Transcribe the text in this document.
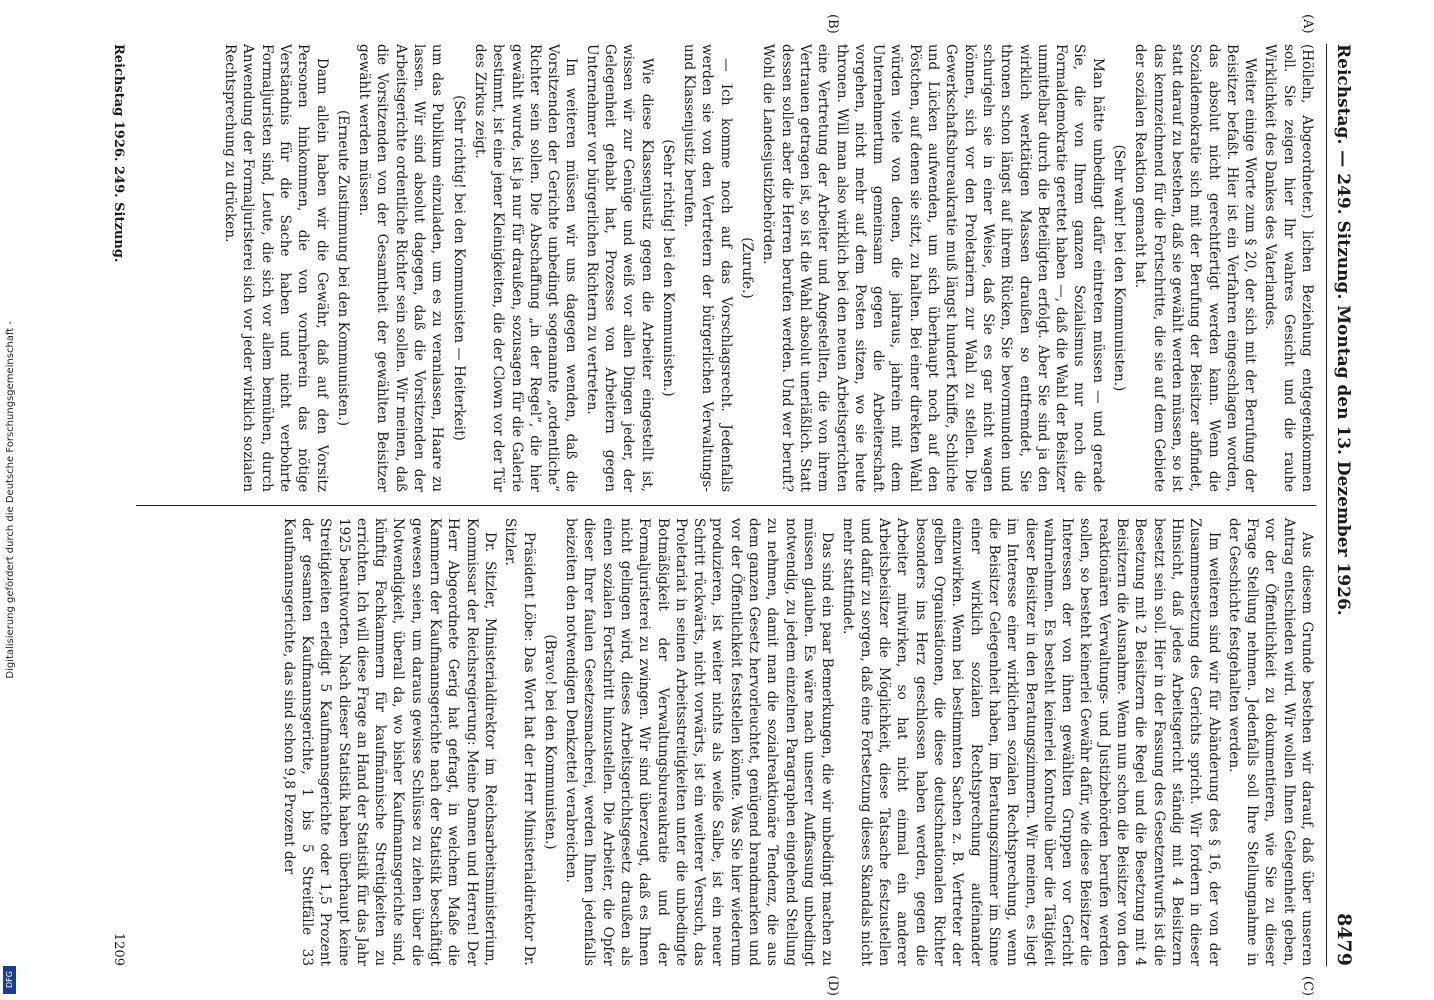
Digitalisierung gefördert durch die Deutsche Forschungsgemeinschaft -
DFG
Reichstag. — 249. Sitzung. Montag den 13. Dezember 1926.
8479
(A)
(B)

(Hölleln, Abgeordneter.) lichen Beziehung entgegenkommen soll. Sie zeigen hier Ihr wahres Gesicht und die rauhe Wirklichkeit des Dankes des Vaterlandes.

Weiter einige Worte zum § 20, der sich mit der Berufung der Beisitzer befaßt. Hier ist ein Verfahren eingeschlagen worden, das absolut nicht gerechtfertigt werden kann. Wenn die Sozialdemokratie sich mit der Berufung der Beisitzer abfindet, statt darauf zu bestehen, daß sie gewählt werden müssen, so ist das kennzeichnend für die Fortschritte, die sie auf dem Gebiete der sozialen Reaktion gemacht hat.

(Sehr wahr! bei den Kommunisten.)

Man hätte unbedingt dafür eintreten müssen — und gerade Sie, die von Ihrem ganzen Sozialismus nur noch die Formaldemokratie gerettet haben —, daß die Wahl der Beisitzer unmittelbar durch die Beteiligten erfolgt. Aber Sie sind ja den wirklich werktätigen Massen draußen so entfremdet, Sie thronen schon längst auf ihrem Rücken, Sie bevormunden und schurigeln sie in einer Weise, daß Sie es gar nicht wagen können, sich vor den Proletariern zur Wahl zu stellen. Die Gewerkschaftsbureaukratie muß längst hundert Kniffe, Schliche und Lücken aufwenden, um sich überhaupt noch auf den Pöstchen, auf denen sie sitzt, zu halten. Bei einer direkten Wahl würden viele von denen, die jahraus, jahrein mit dem Unternehmertum gemeinsam gegen die Arbeiterschaft vorgehen, nicht mehr auf dem Posten sitzen, wo sie heute thronen. Will man also wirklich bei den neuen Arbeitsgerichten eine Vertretung der Arbeiter und Angestellten, die von ihrem Vertrauen getragen ist, so ist die Wahl absolut unerläßlich. Statt dessen sollen aber die Herren berufen werden. Und wer beruft? Wohl die Landesjustizbehörden.

(Zurufe.)

— Ich komme noch auf das Vorschlagsrecht. Jedenfalls werden sie von den Vertretern der bürgerlichen Verwaltungs- und Klassenjustiz berufen.

(Sehr richtig! bei den Kommunisten.)

Wie diese Klassenjustiz gegen die Arbeiter eingestellt ist, wissen wir zur Genüge und weiß vor allen Dingen jeder, der Gelegenheit gehabt hat, Prozesse von Arbeitern gegen Unternehmer vor bürgerlichen Richtern zu vertreten.

Im weiteren müssen wir uns dagegen wenden, daß die Vorsitzenden der Gerichte unbedingt sogenannte „ordentliche“ Richter sein sollen. Die Abschaffung „in der Regel“, die hier gewählt wurde, ist ja nur für draußen, sozusagen für die Galerie bestimmt, ist eine jener Kleinigkeiten, die der Clown vor der Tür des Zirkus zeigt.

(Sehr richtig! bei den Kommunisten — Heiterkeit)

um das Publikum einzuladen, um es zu veranlassen, Haare zu lassen. Wir sind absolut dagegen, daß die Vorsitzenden der Arbeitsgerichte ordentliche Richter sein sollen. Wir meinen, daß die Vorsitzenden von der Gesamtheit der gewählten Beisitzer gewählt werden müssen.

(Erneute Zustimmung bei den Kommunisten.)

Dann allein haben wir die Gewähr, daß auf den Vorsitz Personen hinkommen, die von vornherein das nötige Verständnis für die Sache haben und nicht verbohrte Formaljuristen sind, Leute, die sich vor allem bemühen, durch Anwendung der Formaljuristerei sich vor jeder wirklich sozialen Rechtsprechung zu drücken.

(C)
(D)

Aus diesem Grunde bestehen wir darauf, daß über unseren Antrag entschieden wird. Wir wollen Ihnen Gelegenheit geben, vor der Öffentlichkeit zu dokumentieren, wie Sie zu dieser Frage Stellung nehmen. Jedenfalls soll Ihre Stellungnahme in der Geschichte festgehalten werden.

Im weiteren sind wir für Abänderung des § 16, der von der Zusammensetzung des Gerichts spricht. Wir fordern in dieser Hinsicht, daß jedes Arbeitsgericht ständig mit 4 Beisitzern besetzt sein soll. Hier in der Fassung des Gesetzentwurfs ist die Besetzung mit 2 Beisitzern die Regel und die Besetzung mit 4 Beisitzern die Ausnahme. Wenn nun schon die Beisitzer von den reaktionären Verwaltungs- und Justizbehörden berufen werden sollen, so besteht keinerlei Gewähr dafür, wie diese Beisitzer die Interessen der von ihnen gewählten Gruppen vor Gericht wahrnehmen. Es besteht keinerlei Kontrolle über die Tätigkeit dieser Beisitzer in den Beratungszimmern. Wir meinen, es liegt im Interesse einer wirklichen sozialen Rechtsprechung, wenn die Beisitzer Gelegenheit haben, im Beratungszimmer im Sinne einer wirklich sozialen Rechtsprechung aufeinander einzuwirken. Wenn bei bestimmten Sachen z. B. Vertreter der gelben Organisationen, die diese deutschnationalen Richter besonders ins Herz geschlossen haben werden, gegen die Arbeiter mitwirken, so hat nicht einmal ein anderer Arbeitsbeisitzer die Möglichkeit, diese Tatsache festzustellen und dafür zu sorgen, daß eine Fortsetzung dieses Skandals nicht mehr stattfindet.

Das sind ein paar Bemerkungen, die wir unbedingt machen zu müssen glauben. Es wäre nach unserer Auffassung unbedingt notwendig, zu jedem einzelnen Paragraphen eingehend Stellung zu nehmen, damit man die sozialreaktionäre Tendenz, die aus dem ganzen Gesetz hervorleuchtet, genügend brandmarken und vor der Öffentlichkeit feststellen könnte. Was Sie hier wiederum produzieren, ist weiter nichts als weiße Salbe, ist ein neuer Schritt rückwärts, nicht vorwärts, ist ein weiterer Versuch, das Proletariat in seinen Arbeitsstreitigkeiten unter die unbedingte Botmäßigkeit der Verwaltungsbureaukratie und der Formaljuristerei zu zwingen. Wir sind überzeugt, daß es Ihnen nicht gelingen wird, dieses Arbeitsgerichtsgesetz draußen als einen sozialen Fortschritt hinzustellen. Die Arbeiter, die Opfer dieser Ihrer faulen Gesetzesmacherei, werden Ihnen jedenfalls beizeiten den notwendigen Denkzettel verabreichen.

(Bravo! bei den Kommunisten.)

Präsident Löbe: Das Wort hat der Herr Ministerialdirektor Dr. Sitzler.

Dr. Sitzler, Ministerialdirektor im Reichsarbeitsministerium, Kommissar der Reichsregierung: Meine Damen und Herren! Der Herr Abgeordnete Gerig hat gefragt, in welchem Maße die Kammern der Kaufmannsgerichte nach der Statistik beschäftigt gewesen seien, um daraus gewisse Schlüsse zu ziehen über die Notwendigkeit, überall da, wo bisher Kaufmannsgerichte sind, künftig Fachkammern für kaufmännische Streitigkeiten zu errichten. Ich will diese Frage an Hand der Statistik für das Jahr 1925 beantworten. Nach dieser Statistik haben überhaupt keine Streitigkeiten erledigt 5 Kaufmannsgerichte oder 1,5 Prozent der gesamten Kaufmannsgerichte, 1 bis 5 Streitfälle 33 Kaufmannsgerichte, das sind schon 9,8 Prozent der

Reichstag 1926. 249. Sitzung.
1209
